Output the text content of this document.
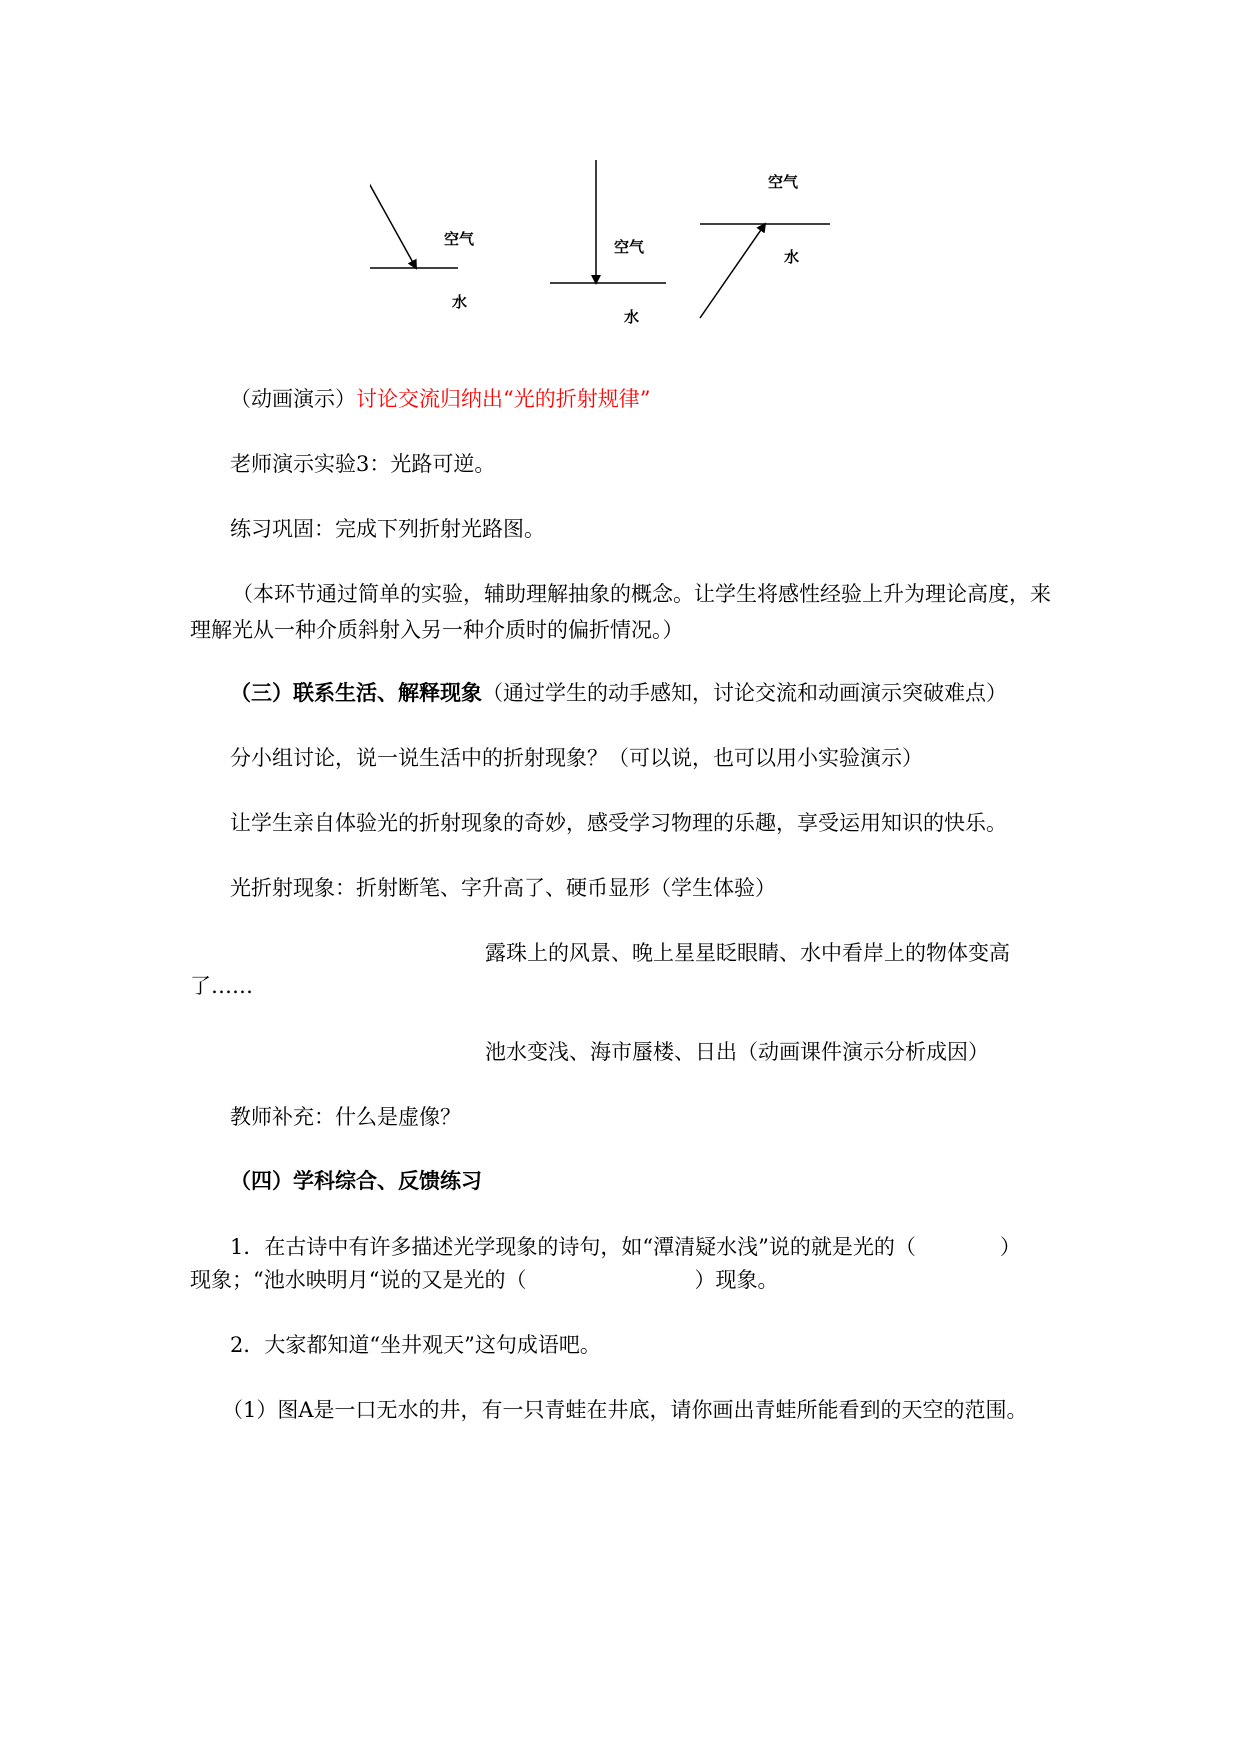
空气
水
空气
水
空气
水
（动画演示）讨论交流归纳出“光的折射规律”
老师演示实验3：光路可逆。
练习巩固：完成下列折射光路图。
（本环节通过简单的实验，辅助理解抽象的概念。让学生将感性经验上升为理论高度，来理解光从一种介质斜射入另一种介质时的偏折情况。）
（三）联系生活、解释现象（通过学生的动手感知，讨论交流和动画演示突破难点）
分小组讨论，说一说生活中的折射现象？（可以说，也可以用小实验演示）
让学生亲自体验光的折射现象的奇妙，感受学习物理的乐趣，享受运用知识的快乐。
光折射现象：折射断笔、字升高了、硬币显形（学生体验）
露珠上的风景、晚上星星眨眼睛、水中看岸上的物体变高
了……
池水变浅、海市蜃楼、日出（动画课件演示分析成因）
教师补充：什么是虚像？
（四）学科综合、反馈练习
1．在古诗中有许多描述光学现象的诗句，如“潭清疑水浅”说的就是光的（　　　　）
现象；“池水映明月“说的又是光的（　　　　　　　　）现象。
2．大家都知道“坐井观天”这句成语吧。
（1）图A是一口无水的井，有一只青蛙在井底，请你画出青蛙所能看到的天空的范围。
